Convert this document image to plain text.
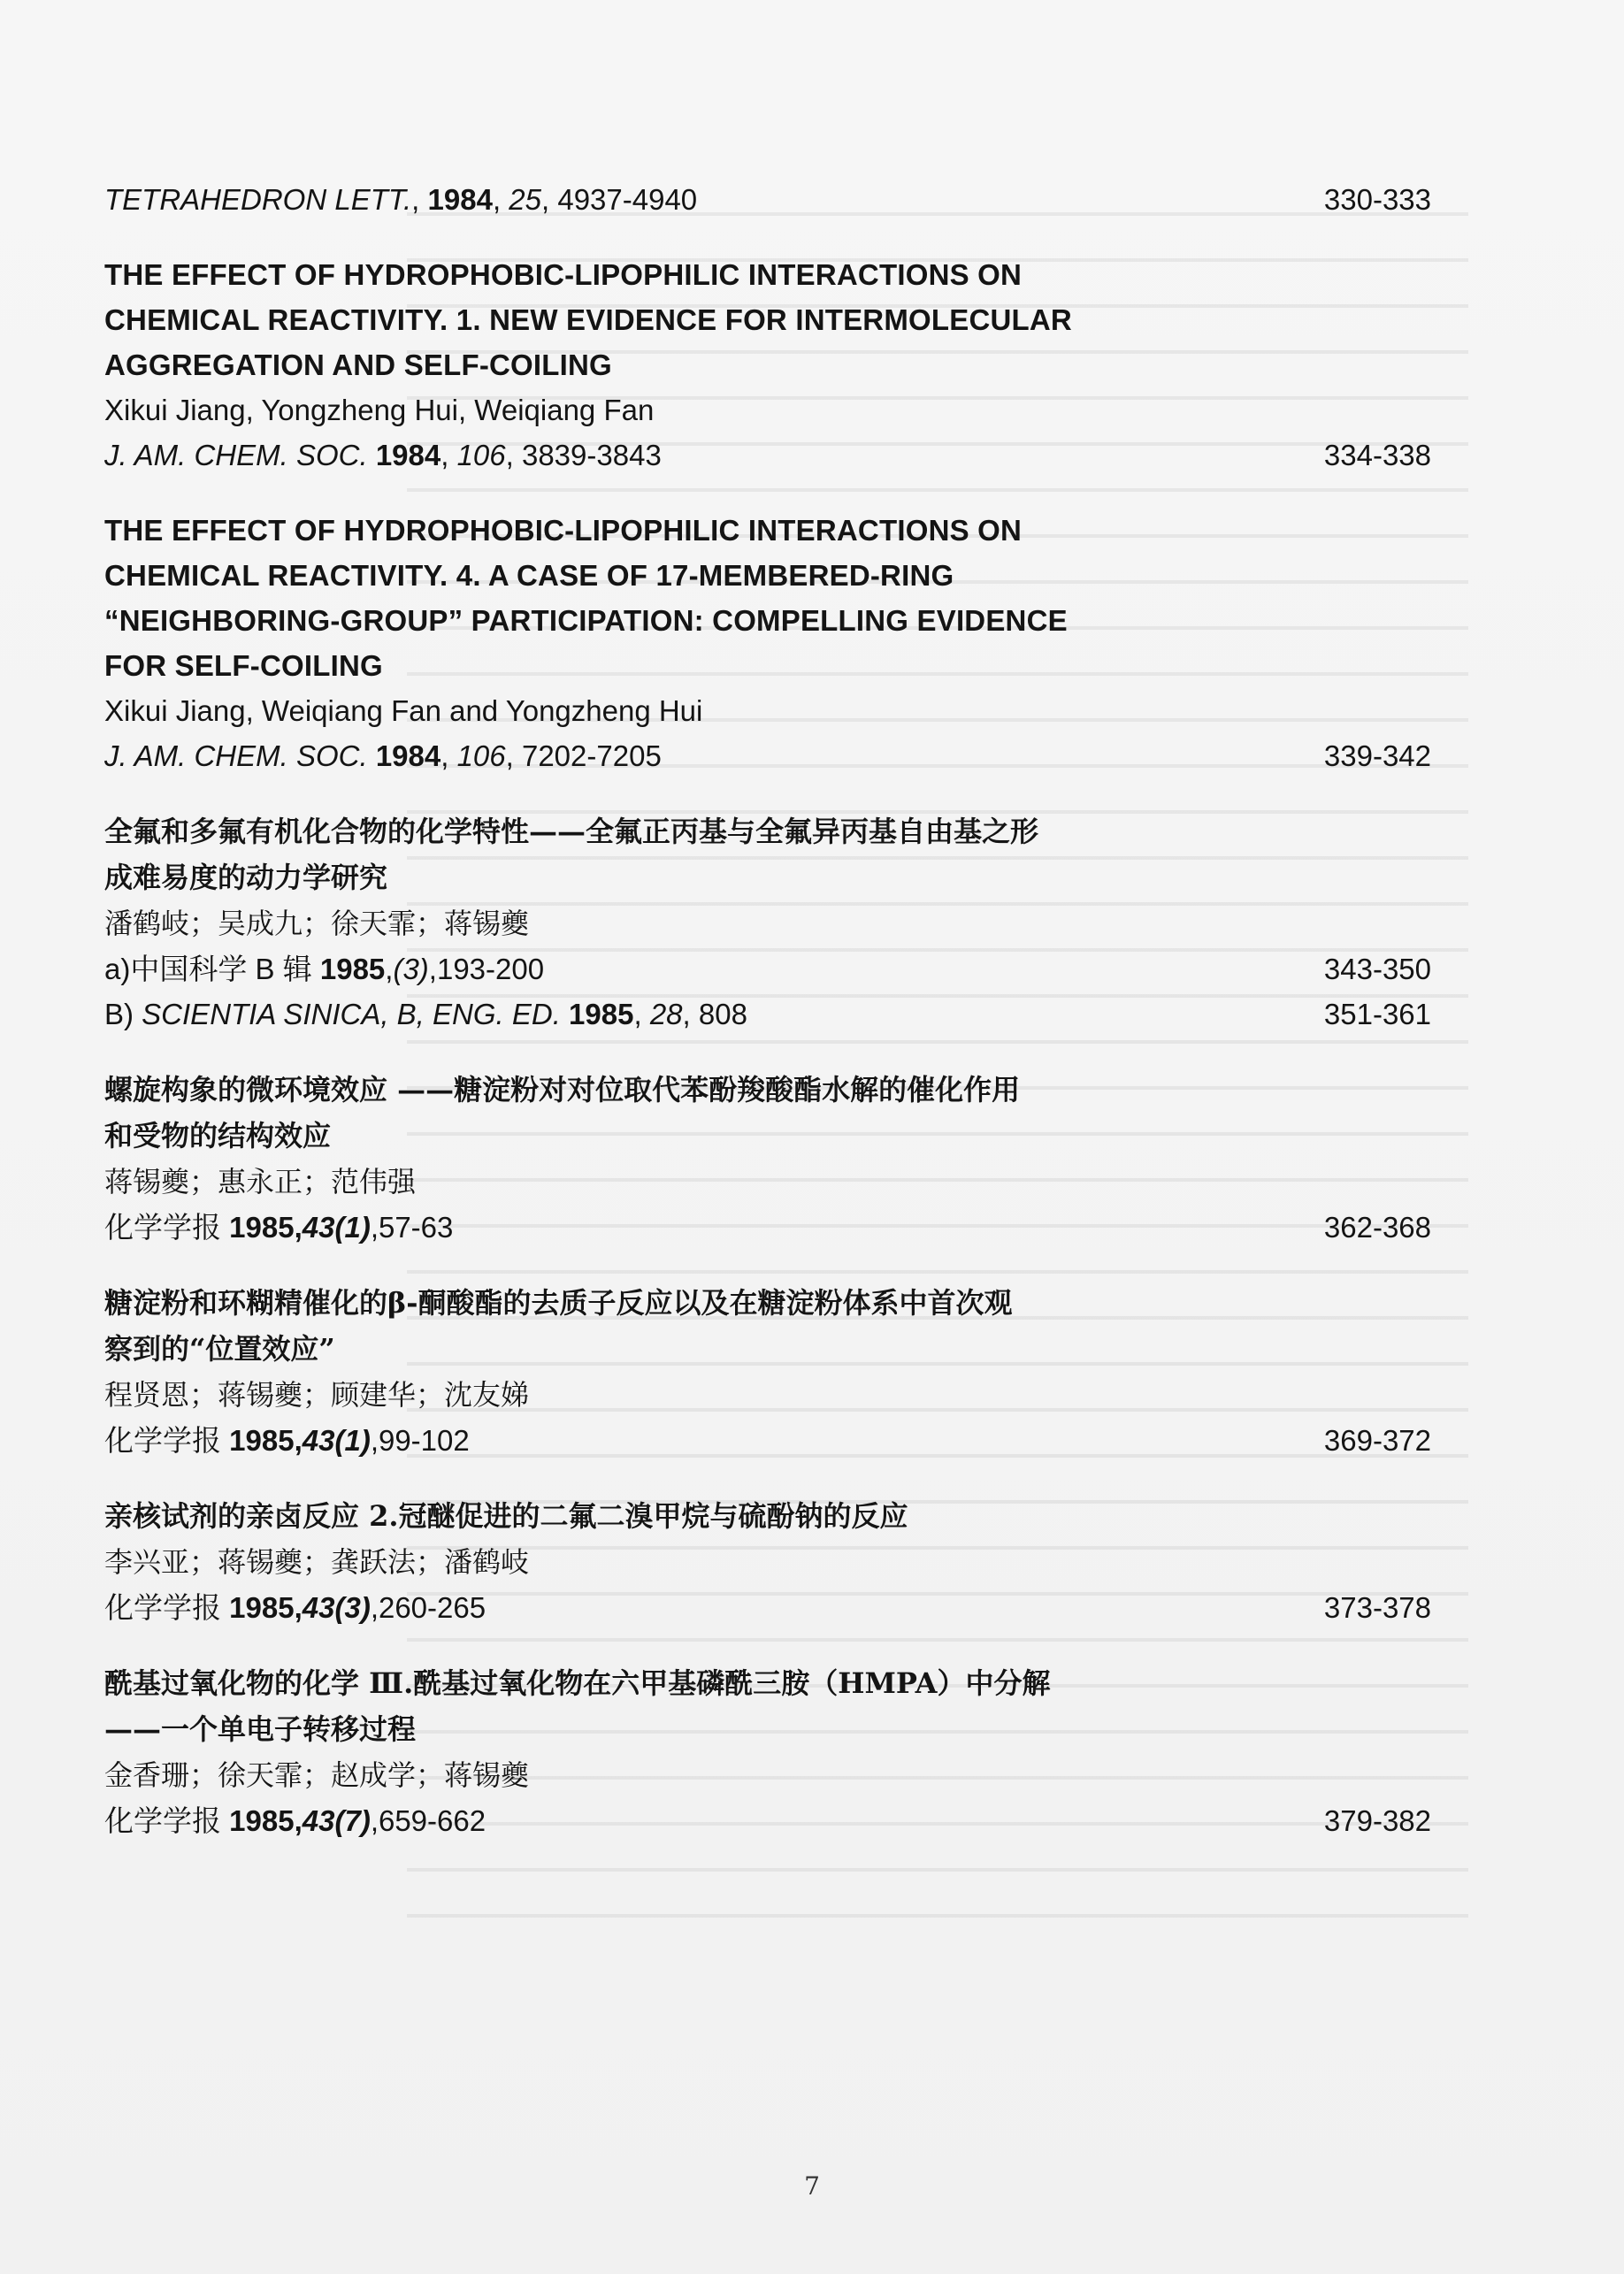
TETRAHEDRON LETT., 1984, 25, 4937-4940	330-333
THE EFFECT OF HYDROPHOBIC-LIPOPHILIC INTERACTIONS ON
CHEMICAL REACTIVITY. 1. NEW EVIDENCE FOR INTERMOLECULAR
AGGREGATION AND SELF-COILING
Xikui Jiang, Yongzheng Hui, Weiqiang Fan
J. AM. CHEM. SOC. 1984, 106, 3839-3843	334-338
THE EFFECT OF HYDROPHOBIC-LIPOPHILIC INTERACTIONS ON
CHEMICAL REACTIVITY. 4. A CASE OF 17-MEMBERED-RING
“NEIGHBORING-GROUP” PARTICIPATION: COMPELLING EVIDENCE
FOR SELF-COILING
Xikui Jiang, Weiqiang Fan and Yongzheng Hui
J. AM. CHEM. SOC. 1984, 106, 7202-7205	339-342
全氟和多氟有机化合物的化学特性——全氟正丙基与全氟异丙基自由基之形
成难易度的动力学研究
潘鹤岐；吴成九；徐天霏；蒋锡夔
a)中国科学 B 辑 1985,(3),193-200	343-350
B) SCIENTIA SINICA, B, ENG. ED. 1985, 28, 808	351-361
螺旋构象的微环境效应 ——糖淀粉对对位取代苯酚羧酸酯水解的催化作用
和受物的结构效应
蒋锡夔；惠永正；范伟强
化学学报 1985,43(1),57-63	362-368
糖淀粉和环糊精催化的β-酮酸酯的去质子反应以及在糖淀粉体系中首次观
察到的“位置效应”
程贤恩；蒋锡夔；顾建华；沈友娣
化学学报 1985,43(1),99-102	369-372
亲核试剂的亲卤反应 2.冠醚促进的二氟二溴甲烷与硫酚钠的反应
李兴亚；蒋锡夔；龚跃法；潘鹤岐
化学学报 1985,43(3),260-265	373-378
酰基过氧化物的化学 Ⅲ.酰基过氧化物在六甲基磷酰三胺（HMPA）中分解
——一个单电子转移过程
金香珊；徐天霏；赵成学；蒋锡夔
化学学报 1985,43(7),659-662	379-382
7
